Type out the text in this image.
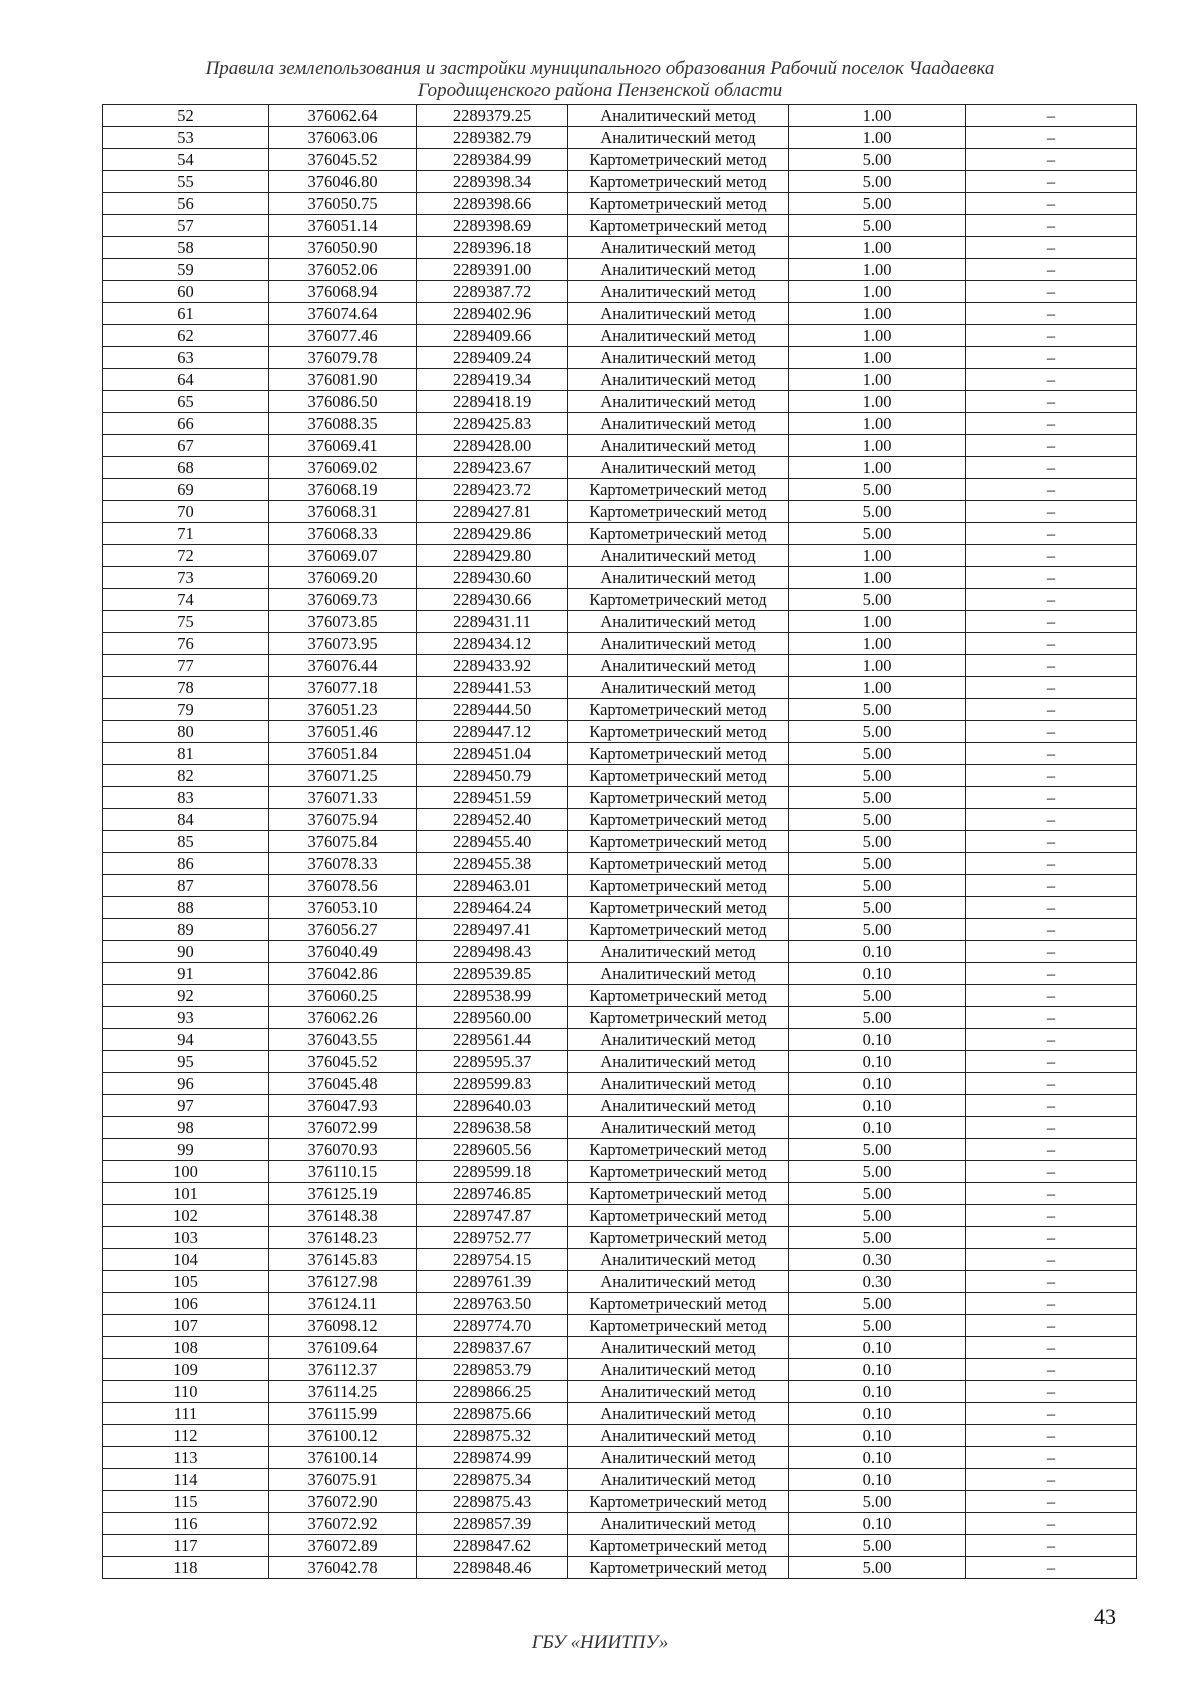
Правила землепользования и застройки муниципального образования Рабочий поселок Чаадаевка
Городищенского района Пензенской области
52	376062.64	2289379.25	Аналитический метод	1.00	–
53	376063.06	2289382.79	Аналитический метод	1.00	–
54	376045.52	2289384.99	Картометрический метод	5.00	–
55	376046.80	2289398.34	Картометрический метод	5.00	–
56	376050.75	2289398.66	Картометрический метод	5.00	–
57	376051.14	2289398.69	Картометрический метод	5.00	–
58	376050.90	2289396.18	Аналитический метод	1.00	–
59	376052.06	2289391.00	Аналитический метод	1.00	–
60	376068.94	2289387.72	Аналитический метод	1.00	–
61	376074.64	2289402.96	Аналитический метод	1.00	–
62	376077.46	2289409.66	Аналитический метод	1.00	–
63	376079.78	2289409.24	Аналитический метод	1.00	–
64	376081.90	2289419.34	Аналитический метод	1.00	–
65	376086.50	2289418.19	Аналитический метод	1.00	–
66	376088.35	2289425.83	Аналитический метод	1.00	–
67	376069.41	2289428.00	Аналитический метод	1.00	–
68	376069.02	2289423.67	Аналитический метод	1.00	–
69	376068.19	2289423.72	Картометрический метод	5.00	–
70	376068.31	2289427.81	Картометрический метод	5.00	–
71	376068.33	2289429.86	Картометрический метод	5.00	–
72	376069.07	2289429.80	Аналитический метод	1.00	–
73	376069.20	2289430.60	Аналитический метод	1.00	–
74	376069.73	2289430.66	Картометрический метод	5.00	–
75	376073.85	2289431.11	Аналитический метод	1.00	–
76	376073.95	2289434.12	Аналитический метод	1.00	–
77	376076.44	2289433.92	Аналитический метод	1.00	–
78	376077.18	2289441.53	Аналитический метод	1.00	–
79	376051.23	2289444.50	Картометрический метод	5.00	–
80	376051.46	2289447.12	Картометрический метод	5.00	–
81	376051.84	2289451.04	Картометрический метод	5.00	–
82	376071.25	2289450.79	Картометрический метод	5.00	–
83	376071.33	2289451.59	Картометрический метод	5.00	–
84	376075.94	2289452.40	Картометрический метод	5.00	–
85	376075.84	2289455.40	Картометрический метод	5.00	–
86	376078.33	2289455.38	Картометрический метод	5.00	–
87	376078.56	2289463.01	Картометрический метод	5.00	–
88	376053.10	2289464.24	Картометрический метод	5.00	–
89	376056.27	2289497.41	Картометрический метод	5.00	–
90	376040.49	2289498.43	Аналитический метод	0.10	–
91	376042.86	2289539.85	Аналитический метод	0.10	–
92	376060.25	2289538.99	Картометрический метод	5.00	–
93	376062.26	2289560.00	Картометрический метод	5.00	–
94	376043.55	2289561.44	Аналитический метод	0.10	–
95	376045.52	2289595.37	Аналитический метод	0.10	–
96	376045.48	2289599.83	Аналитический метод	0.10	–
97	376047.93	2289640.03	Аналитический метод	0.10	–
98	376072.99	2289638.58	Аналитический метод	0.10	–
99	376070.93	2289605.56	Картометрический метод	5.00	–
100	376110.15	2289599.18	Картометрический метод	5.00	–
101	376125.19	2289746.85	Картометрический метод	5.00	–
102	376148.38	2289747.87	Картометрический метод	5.00	–
103	376148.23	2289752.77	Картометрический метод	5.00	–
104	376145.83	2289754.15	Аналитический метод	0.30	–
105	376127.98	2289761.39	Аналитический метод	0.30	–
106	376124.11	2289763.50	Картометрический метод	5.00	–
107	376098.12	2289774.70	Картометрический метод	5.00	–
108	376109.64	2289837.67	Аналитический метод	0.10	–
109	376112.37	2289853.79	Аналитический метод	0.10	–
110	376114.25	2289866.25	Аналитический метод	0.10	–
111	376115.99	2289875.66	Аналитический метод	0.10	–
112	376100.12	2289875.32	Аналитический метод	0.10	–
113	376100.14	2289874.99	Аналитический метод	0.10	–
114	376075.91	2289875.34	Аналитический метод	0.10	–
115	376072.90	2289875.43	Картометрический метод	5.00	–
116	376072.92	2289857.39	Аналитический метод	0.10	–
117	376072.89	2289847.62	Картометрический метод	5.00	–
118	376042.78	2289848.46	Картометрический метод	5.00	–
43
ГБУ «НИИТПУ»
